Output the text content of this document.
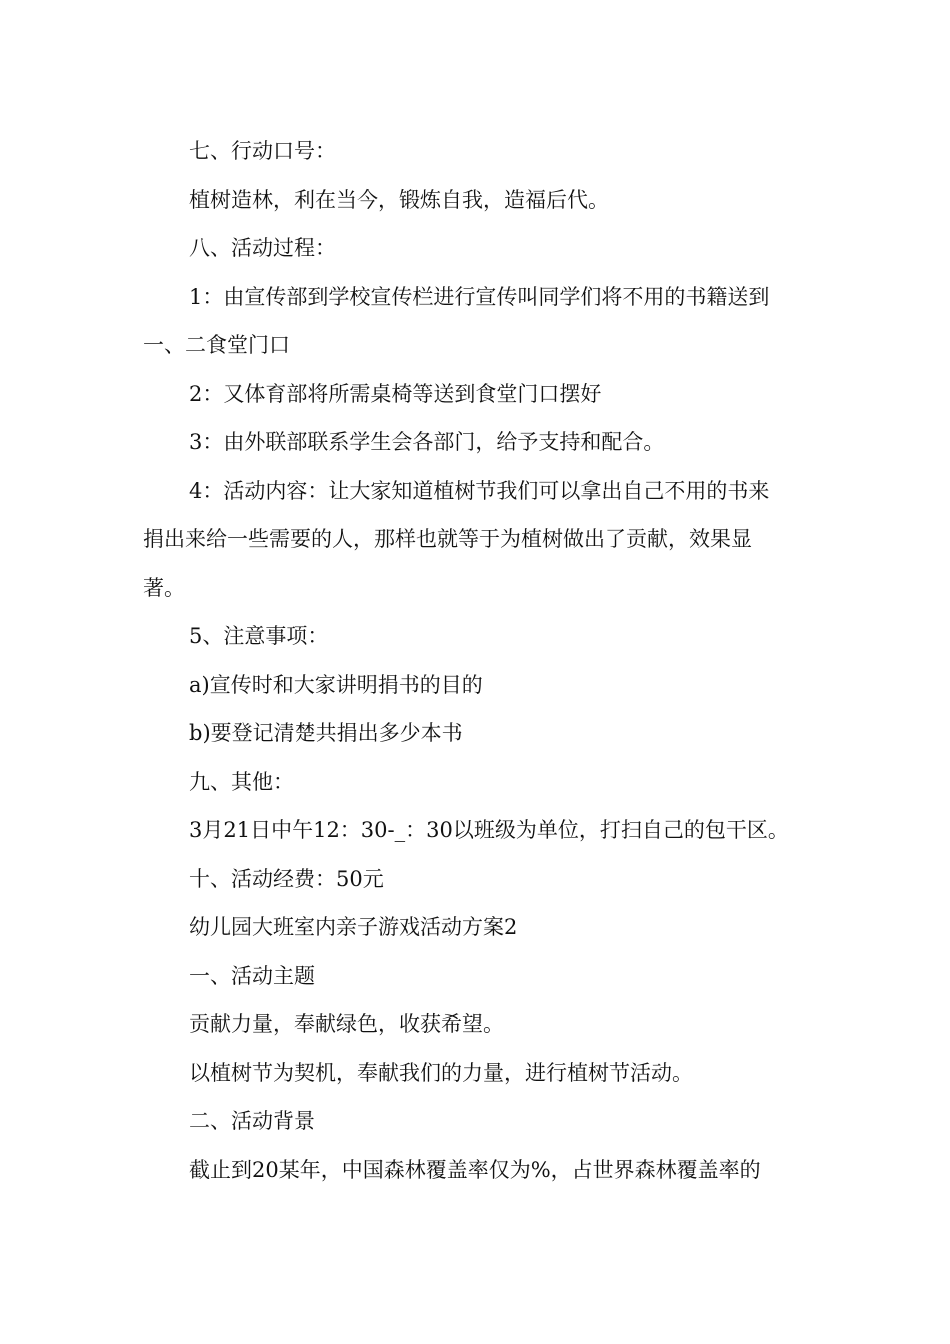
七、行动口号：

植树造林，利在当今，锻炼自我，造福后代。

八、活动过程：

1：由宣传部到学校宣传栏进行宣传叫同学们将不用的书籍送到

一、二食堂门口

2：又体育部将所需桌椅等送到食堂门口摆好

3：由外联部联系学生会各部门，给予支持和配合。

4：活动内容：让大家知道植树节我们可以拿出自己不用的书来

捐出来给一些需要的人，那样也就等于为植树做出了贡献，效果显

著。

5、注意事项：

a)宣传时和大家讲明捐书的目的

b)要登记清楚共捐出多少本书

九、其他：

3月21日中午12：30-_：30以班级为单位，打扫自己的包干区。

十、活动经费：50元

幼儿园大班室内亲子游戏活动方案2

一、活动主题

贡献力量，奉献绿色，收获希望。

以植树节为契机，奉献我们的力量，进行植树节活动。

二、活动背景

截止到20某年，中国森林覆盖率仅为%，占世界森林覆盖率的
